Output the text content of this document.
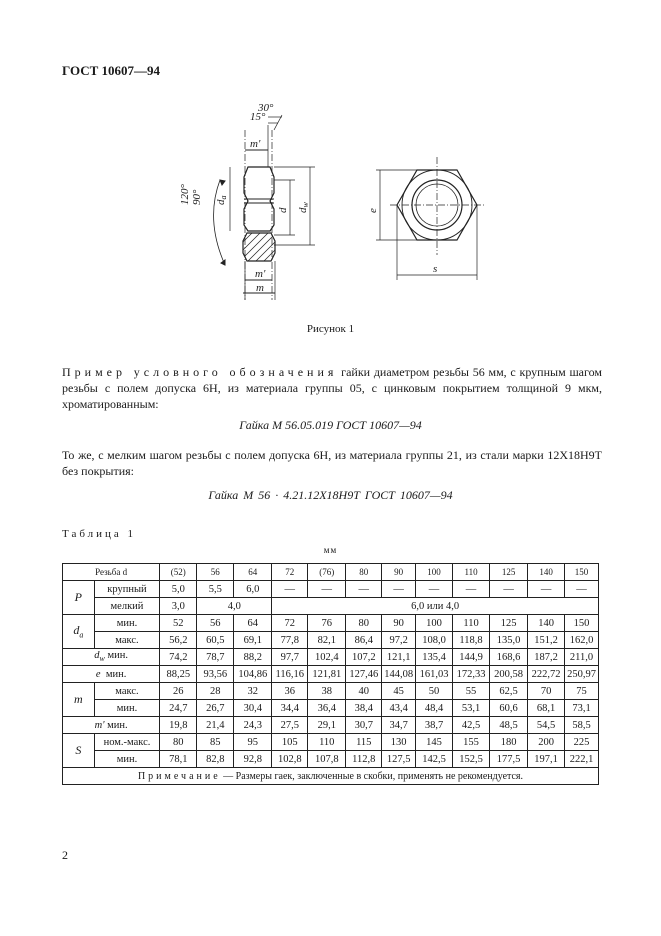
ГОСТ 10607—94
30°
15°
m'
120° 90° da
d dw
m'
m
e
s
Рисунок 1
Пример условного обозначения гайки диаметром резьбы 56 мм, с крупным шагом резьбы с полем допуска 6H, из материала группы 05, с цинковым покрытием толщиной 9 мкм, хроматированным:
Гайка М 56.05.019 ГОСТ 10607—94
То же, с мелким шагом резьбы с полем допуска 6H, из материала группы 21, из стали марки 12Х18Н9Т без покрытия:
Гайка М 56 · 4.21.12Х18Н9Т ГОСТ 10607—94
Таблица 1
мм
Резьба d		(52)	56	64	72	(76)	80	90	100	110	125	140	150
P	крупный	5,0	5,5	6,0	—	—	—	—	—	—	—	—	—
	мелкий	3,0	4,0		6,0 или 4,0								
$d_a$	мин.	52	56	64	72	76	80	90	100	110	125	140	150
	макс.	56,2	60,5	69,1	77,8	82,1	86,4	97,2	108,0	118,8	135,0	151,2	162,0
$d_w$ мин.		74,2	78,7	88,2	97,7	102,4	107,2	121,1	135,4	144,9	168,6	187,2	211,0
e мин.		88,25	93,56	104,86	116,16	121,81	127,46	144,08	161,03	172,33	200,58	222,72	250,97
m	макс.	26	28	32	36	38	40	45	50	55	62,5	70	75
	мин.	24,7	26,7	30,4	34,4	36,4	38,4	43,4	48,4	53,1	60,6	68,1	73,1
m' мин.		19,8	21,4	24,3	27,5	29,1	30,7	34,7	38,7	42,5	48,5	54,5	58,5
S	ном.-макс.	80	85	95	105	110	115	130	145	155	180	200	225
	мин.	78,1	82,8	92,8	102,8	107,8	112,8	127,5	142,5	152,5	177,5	197,1	222,1
Примечание — Размеры гаек, заключенные в скобки, применять не рекомендуется.													
2
